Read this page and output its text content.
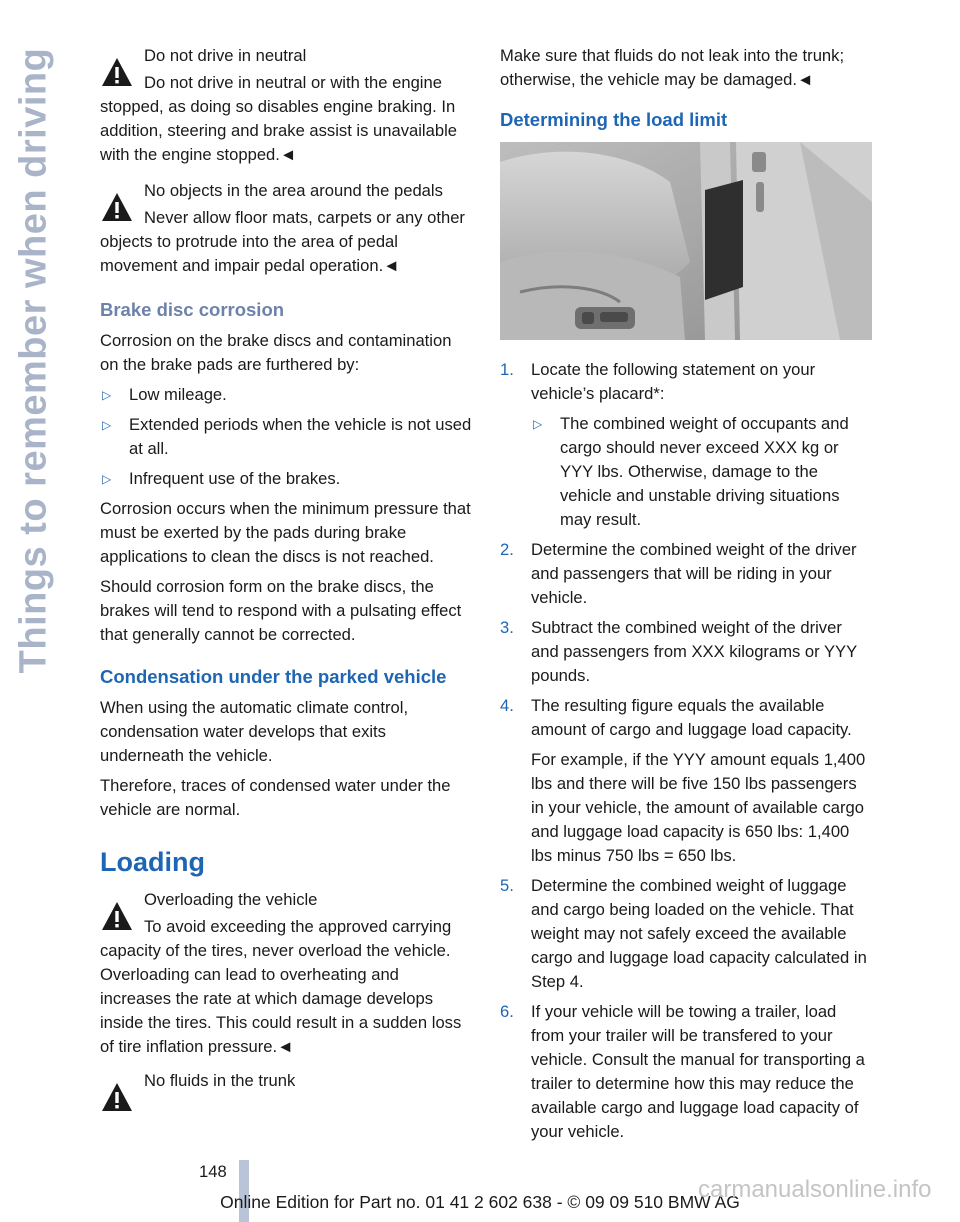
Things to remember when driving	Do not drive in neutral
Do not drive in neutral or with the engine stopped, as doing so disables engine braking. In addition, steering and brake assist is unavailable with the engine stopped.◄
No objects in the area around the pedals
Never allow floor mats, carpets or any other objects to protrude into the area of pedal movement and impair pedal operation.◄
Brake disc corrosion

Corrosion on the brake discs and contamination on the brake pads are furthered by:

▷ Low mileage.
▷ Extended periods when the vehicle is not used at all.
▷ Infrequent use of the brakes.

Corrosion occurs when the minimum pressure that must be exerted by the pads during brake applications to clean the discs is not reached.

Should corrosion form on the brake discs, the brakes will tend to respond with a pulsating effect that generally cannot be corrected.

Condensation under the parked vehicle

When using the automatic climate control, condensation water develops that exits underneath the vehicle.

Therefore, traces of condensed water under the vehicle are normal.

Loading
Overloading the vehicle
To avoid exceeding the approved carrying capacity of the tires, never overload the vehicle. Overloading can lead to overheating and increases the rate at which damage develops inside the tires. This could result in a sudden loss of tire inflation pressure.◄
No fluids in the trunk

Make sure that fluids do not leak into the trunk; otherwise, the vehicle may be damaged.◄

Determining the load limit
1. Locate the following statement on your vehicle’s placard*:
▷ The combined weight of occupants and cargo should never exceed XXX kg or YYY lbs. Otherwise, damage to the vehicle and unstable driving situations may result.
2. Determine the combined weight of the driver and passengers that will be riding in your vehicle.
3. Subtract the combined weight of the driver and passengers from XXX kilograms or YYY pounds.
4. The resulting figure equals the available amount of cargo and luggage load capacity.

For example, if the YYY amount equals 1,400 lbs and there will be five 150 lbs passengers in your vehicle, the amount of available cargo and luggage load capacity is 650 lbs: 1,400 lbs minus 750 lbs = 650 lbs.

5. Determine the combined weight of luggage and cargo being loaded on the vehicle. That weight may not safely exceed the available cargo and luggage load capacity calculated in Step 4.
6. If your vehicle will be towing a trailer, load from your trailer will be transfered to your vehicle. Consult the manual for transporting a trailer to determine how this may reduce the available cargo and luggage load capacity of your vehicle.
148
Online Edition for Part no. 01 41 2 602 638 - © 09 09 510 BMW AG
carmanualsonline.info
